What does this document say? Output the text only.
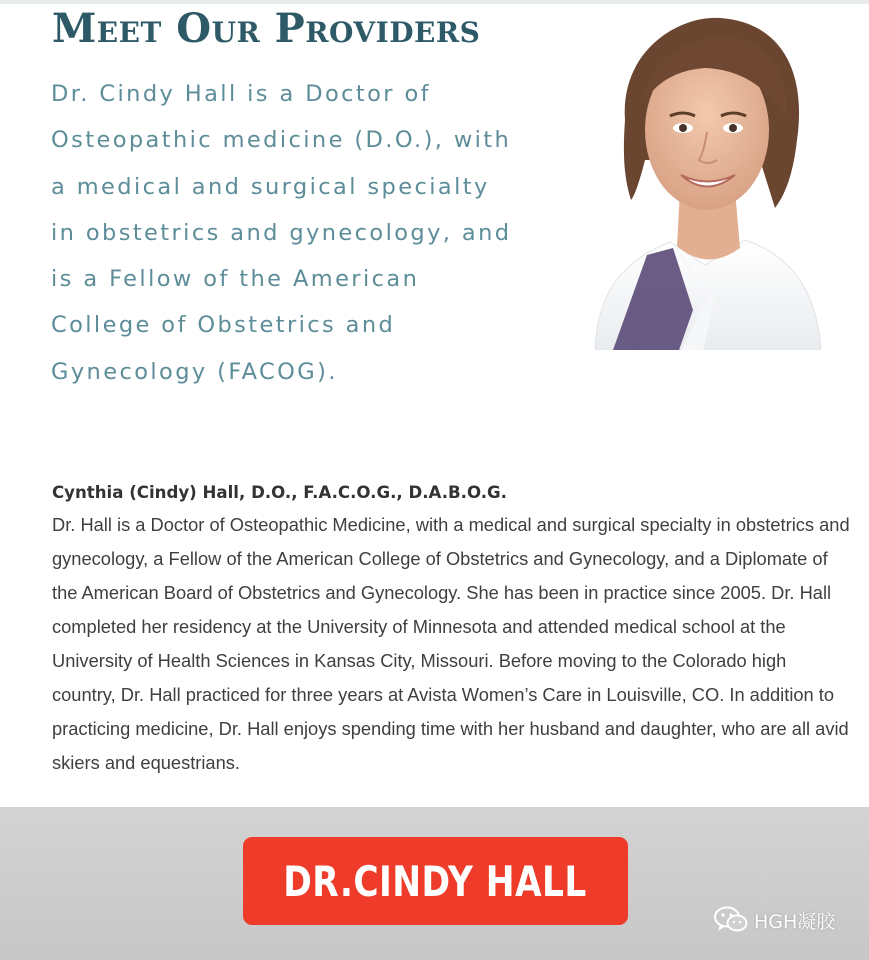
Meet Our Providers

Dr. Cindy Hall is a Doctor of Osteopathic medicine (D.O.), with a medical and surgical specialty in obstetrics and gynecology, and is a Fellow of the American College of Obstetrics and Gynecology (FACOG).

Cynthia (Cindy) Hall, D.O., F.A.C.O.G., D.A.B.O.G.

Dr. Hall is a Doctor of Osteopathic Medicine, with a medical and surgical specialty in obstetrics and gynecology, a Fellow of the American College of Obstetrics and Gynecology, and a Diplomate of the American Board of Obstetrics and Gynecology. She has been in practice since 2005. Dr. Hall completed her residency at the University of Minnesota and attended medical school at the University of Health Sciences in Kansas City, Missouri. Before moving to the Colorado high country, Dr. Hall practiced for three years at Avista Women’s Care in Louisville, CO. In addition to practicing medicine, Dr. Hall enjoys spending time with her husband and daughter, who are all avid skiers and equestrians.

DR.CINDY HALL
HGH凝胶
